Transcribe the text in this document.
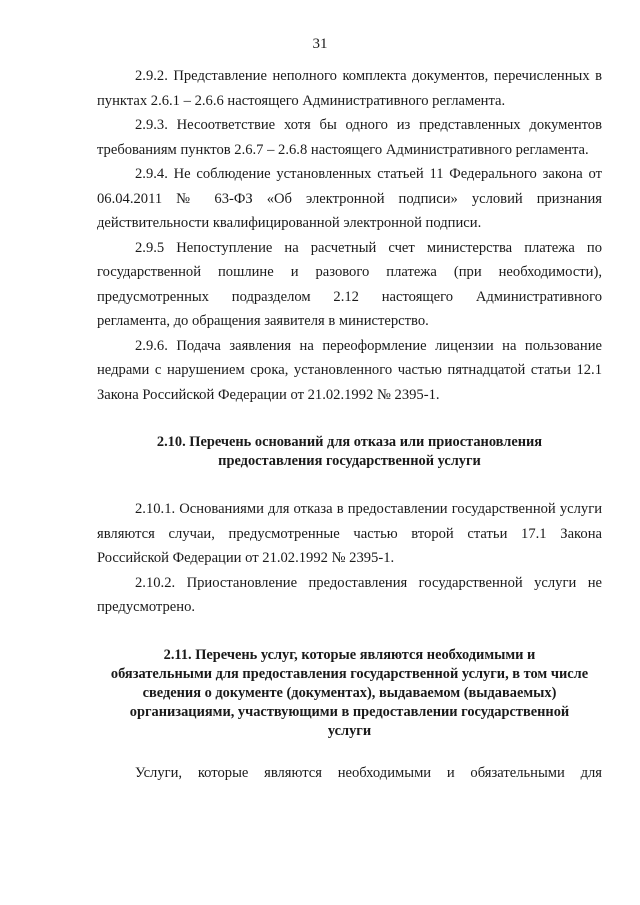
31

2.9.2. Представление неполного комплекта документов, перечисленных в пунктах 2.6.1 – 2.6.6 настоящего Административного регламента.

2.9.3. Несоответствие хотя бы одного из представленных документов требованиям пунктов 2.6.7 – 2.6.8 настоящего Административного регламента.

2.9.4. Не соблюдение установленных статьей 11 Федерального закона от 06.04.2011 № 63-ФЗ «Об электронной подписи» условий признания действительности квалифицированной электронной подписи.

2.9.5 Непоступление на расчетный счет министерства платежа по государственной пошлине и разового платежа (при необходимости), предусмотренных подразделом 2.12 настоящего Административного регламента, до обращения заявителя в министерство.

2.9.6. Подача заявления на переоформление лицензии на пользование недрами с нарушением срока, установленного частью пятнадцатой статьи 12.1 Закона Российской Федерации от 21.02.1992 № 2395-1.

2.10. Перечень оснований для отказа или приостановления
предоставления государственной услуги

2.10.1. Основаниями для отказа в предоставлении государственной услуги являются случаи, предусмотренные частью второй статьи 17.1 Закона Российской Федерации от 21.02.1992 № 2395-1.

2.10.2. Приостановление предоставления государственной услуги не предусмотрено.

2.11. Перечень услуг, которые являются необходимыми и
обязательными для предоставления государственной услуги, в том числе
сведения о документе (документах), выдаваемом (выдаваемых)
организациями, участвующими в предоставлении государственной
услуги

Услуги, которые являются необходимыми и обязательными для
